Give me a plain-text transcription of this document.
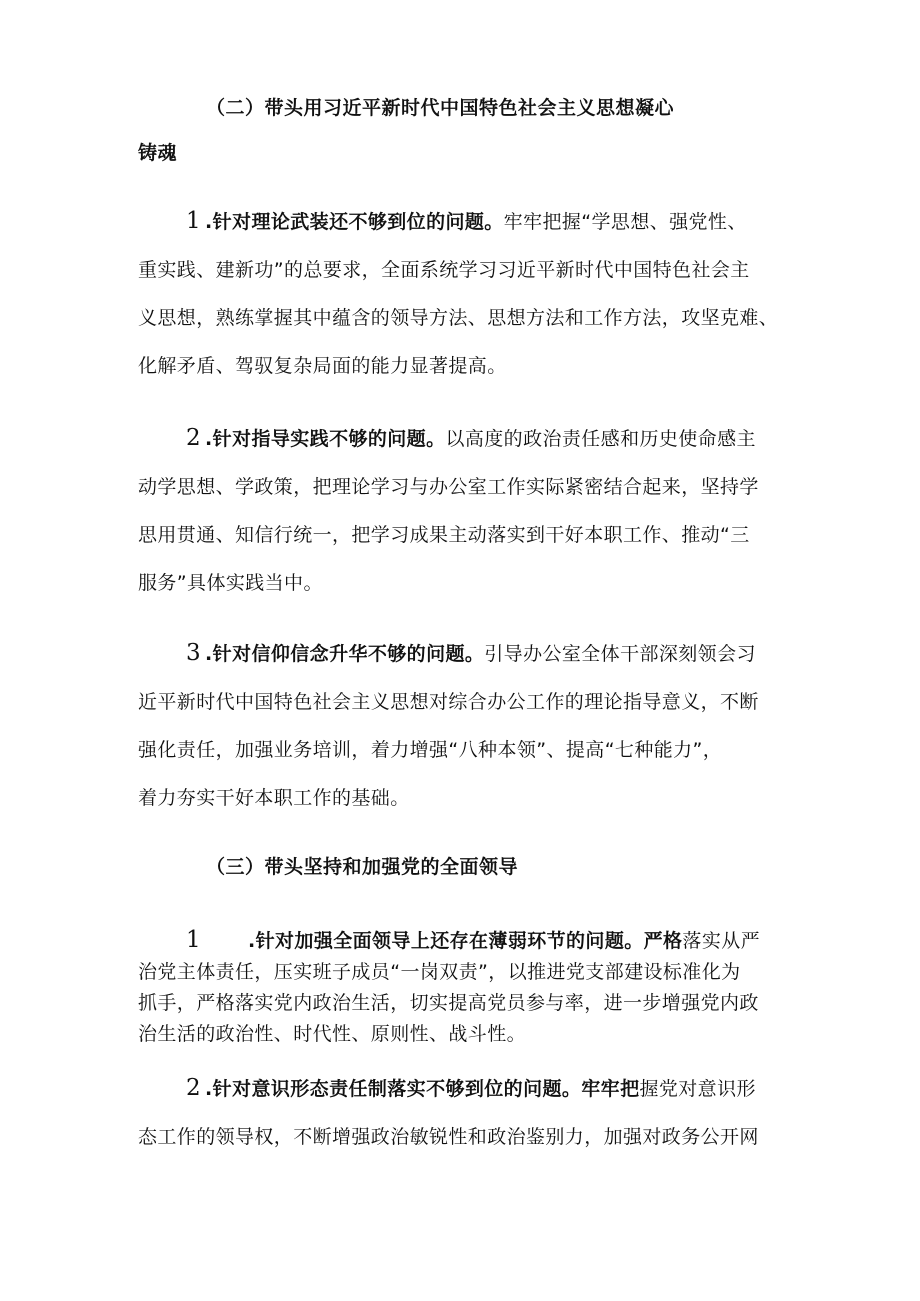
（二）带头用习近平新时代中国特色社会主义思想凝心
铸魂
1 .针对理论武装还不够到位的问题。牢牢把握“学思想、强党性、
重实践、建新功”的总要求，全面系统学习习近平新时代中国特色社会主
义思想，熟练掌握其中蕴含的领导方法、思想方法和工作方法，攻坚克难、
化解矛盾、驾驭复杂局面的能力显著提高。
2 .针对指导实践不够的问题。以高度的政治责任感和历史使命感主
动学思想、学政策，把理论学习与办公室工作实际紧密结合起来，坚持学
思用贯通、知信行统一，把学习成果主动落实到干好本职工作、推动“三
服务”具体实践当中。
3 .针对信仰信念升华不够的问题。引导办公室全体干部深刻领会习
近平新时代中国特色社会主义思想对综合办公工作的理论指导意义，不断
强化责任，加强业务培训，着力增强“八种本领”、提高“七种能力”，
着力夯实干好本职工作的基础。
（三）带头坚持和加强党的全面领导
1 .针对加强全面领导上还存在薄弱环节的问题。严格落实从严
治党主体责任，压实班子成员“一岗双责”，以推进党支部建设标准化为
抓手，严格落实党内政治生活，切实提高党员参与率，进一步增强党内政
治生活的政治性、时代性、原则性、战斗性。
2 .针对意识形态责任制落实不够到位的问题。牢牢把握党对意识形
态工作的领导权，不断增强政治敏锐性和政治鉴别力，加强对政务公开网
